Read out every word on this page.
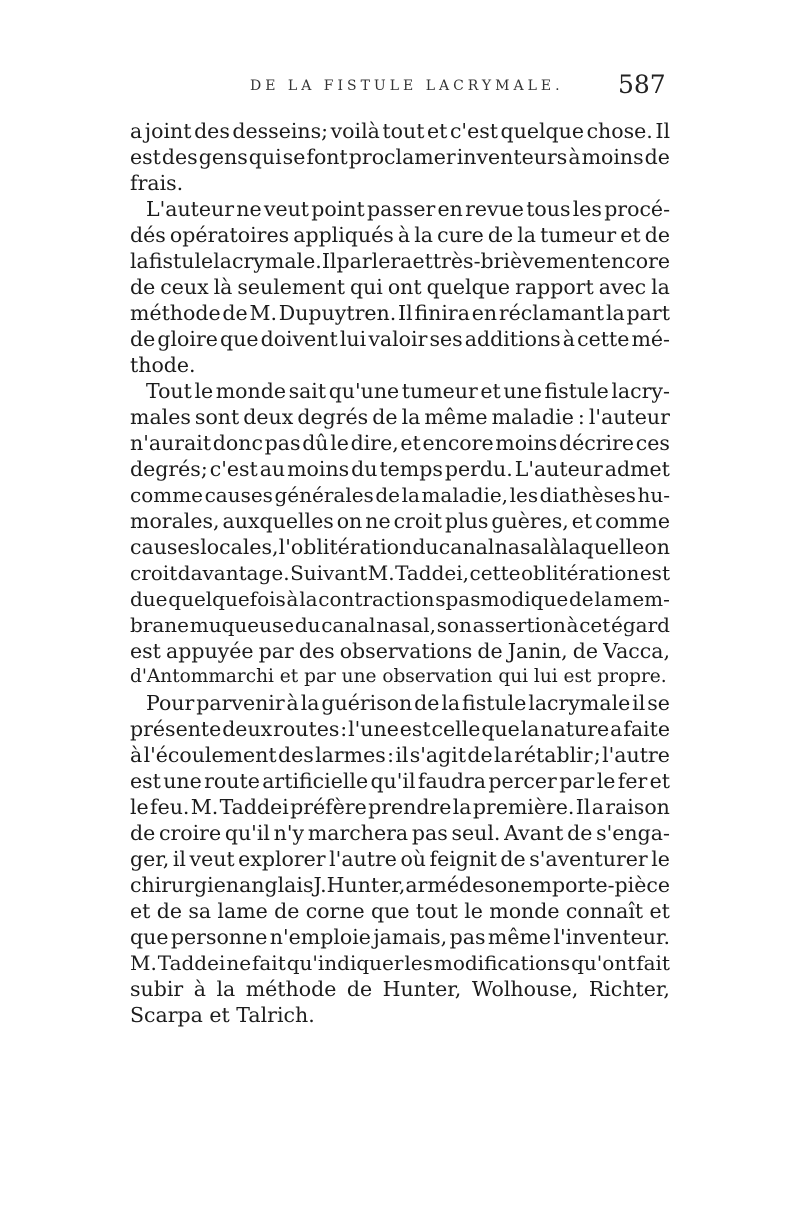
DE LA FISTULE LACRYMALE. 587
a joint des desseins; voilà tout et c'est quelque chose. Il
est des gens qui se font proclamer inventeurs à moins de
frais.
L'auteur ne veut point passer en revue tous les procé-
dés opératoires appliqués à la cure de la tumeur et de
la fistule lacrymale. Il parlera et très-brièvement encore
de ceux là seulement qui ont quelque rapport avec la
méthode de M. Dupuytren. Il finira en réclamant la part
de gloire que doivent lui valoir ses additions à cette mé-
thode.
Tout le monde sait qu'une tumeur et une fistule lacry-
males sont deux degrés de la même maladie : l'auteur
n'aurait donc pas dû le dire, et encore moins décrire ces
degrés; c'est au moins du temps perdu. L'auteur admet
comme causes générales de la maladie, les diathèses hu-
morales, auxquelles on ne croit plus guères, et comme
causes locales, l'oblitération du canal nasal à laquelle on
croit davantage. Suivant M. Taddei, cette oblitération est
due quelquefois à la contraction spasmodique de la mem-
brane muqueuse du canal nasal, son assertion à cet égard
est appuyée par des observations de Janin, de Vacca,
d'Antommarchi et par une observation qui lui est propre.
Pour parvenir à la guérison de la fistule lacrymale il se
présente deux routes : l'une est celle que la nature a faite
à l'écoulement des larmes : il s'agit de la rétablir ; l'autre
est une route artificielle qu'il faudra percer par le fer et
le feu. M. Taddei préfère prendre la première. Il a raison
de croire qu'il n'y marchera pas seul. Avant de s'enga-
ger, il veut explorer l'autre où feignit de s'aventurer le
chirurgien anglais J. Hunter, armé de son emporte-pièce
et de sa lame de corne que tout le monde connaît et
que personne n'emploie jamais, pas même l'inventeur.
M. Taddei ne fait qu'indiquer les modifications qu'ont fait
subir à la méthode de Hunter, Wolhouse, Richter,
Scarpa et Talrich.
